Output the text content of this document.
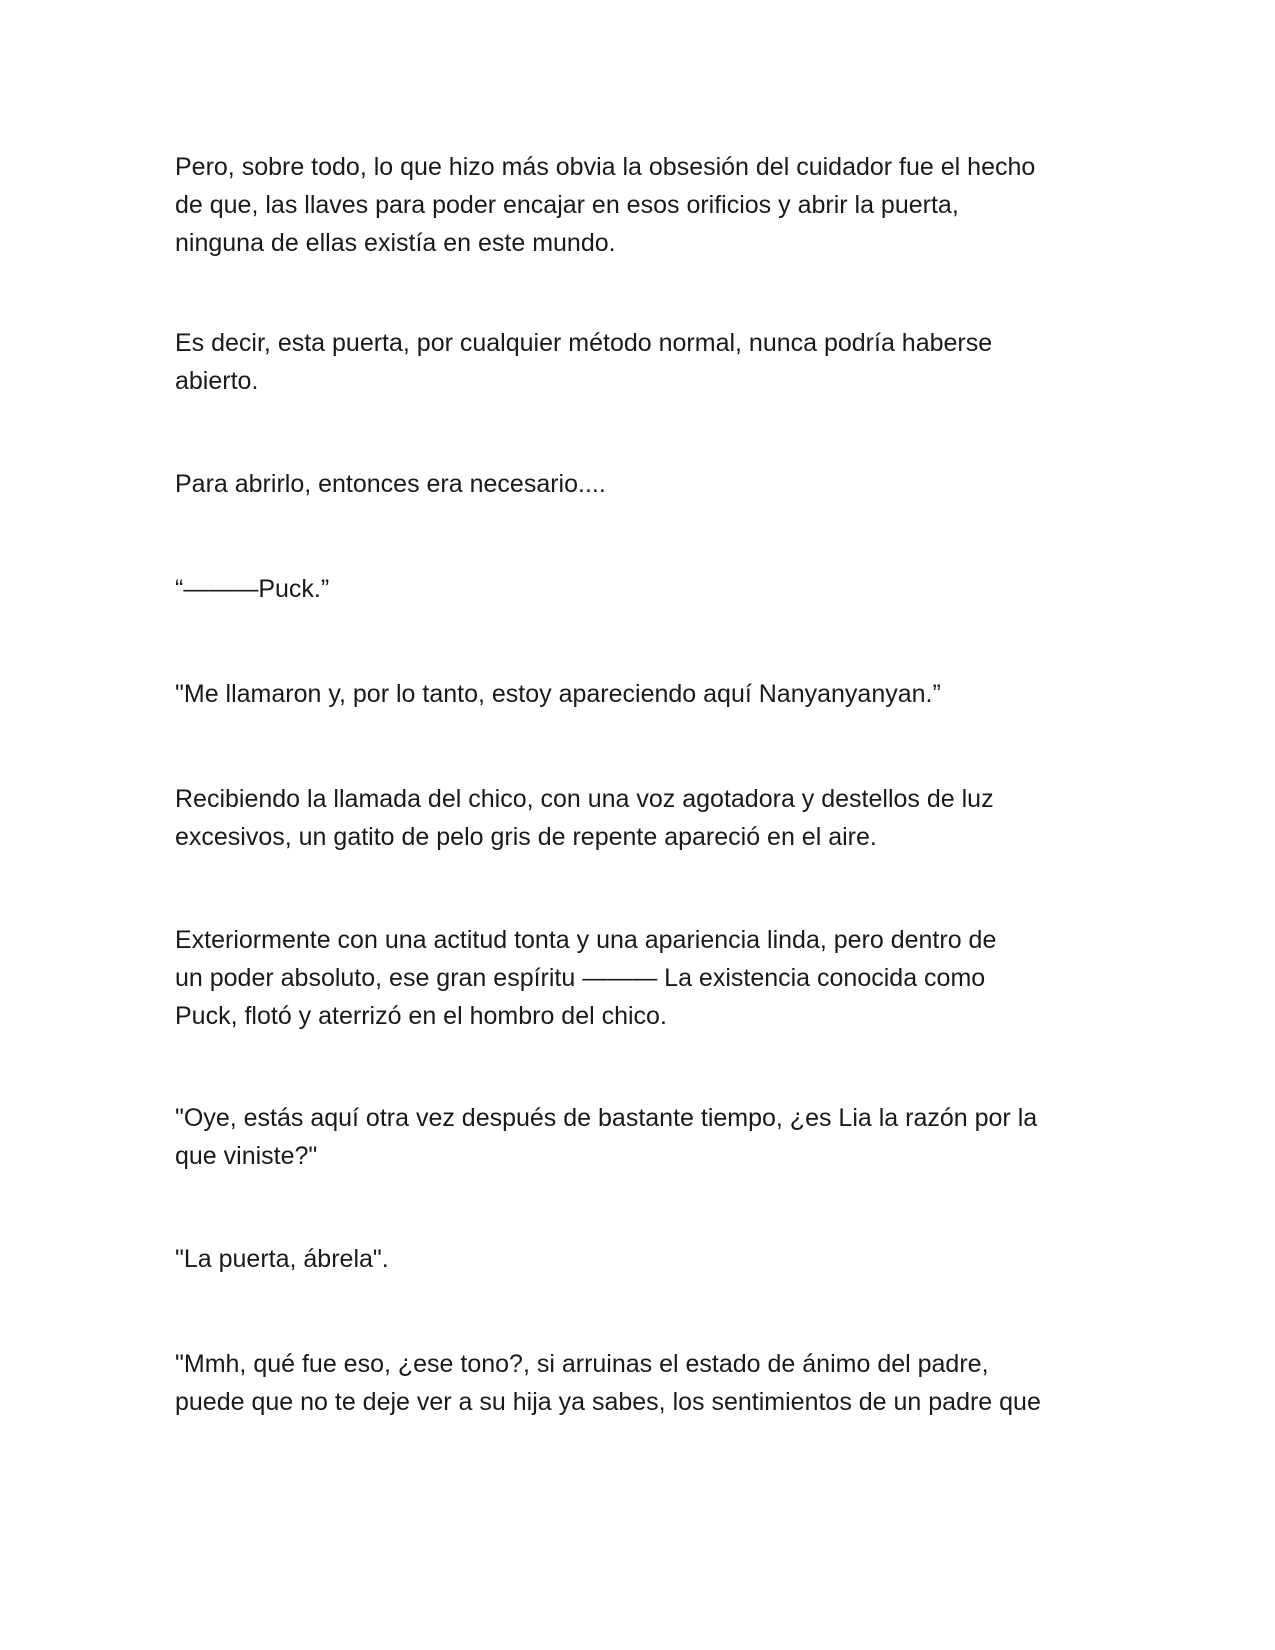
Pero, sobre todo, lo que hizo más obvia la obsesión del cuidador fue el hecho
de que, las llaves para poder encajar en esos orificios y abrir la puerta,
ninguna de ellas existía en este mundo.

Es decir, esta puerta, por cualquier método normal, nunca podría haberse
abierto.

Para abrirlo, entonces era necesario....

“———Puck.”

"Me llamaron y, por lo tanto, estoy apareciendo aquí Nanyanyanyan.”

Recibiendo la llamada del chico, con una voz agotadora y destellos de luz
excesivos, un gatito de pelo gris de repente apareció en el aire.

Exteriormente con una actitud tonta y una apariencia linda, pero dentro de
un poder absoluto, ese gran espíritu ——— La existencia conocida como
Puck, flotó y aterrizó en el hombro del chico.

"Oye, estás aquí otra vez después de bastante tiempo, ¿es Lia la razón por la
que viniste?"

"La puerta, ábrela".

"Mmh, qué fue eso, ¿ese tono?, si arruinas el estado de ánimo del padre,
puede que no te deje ver a su hija ya sabes, los sentimientos de un padre que
